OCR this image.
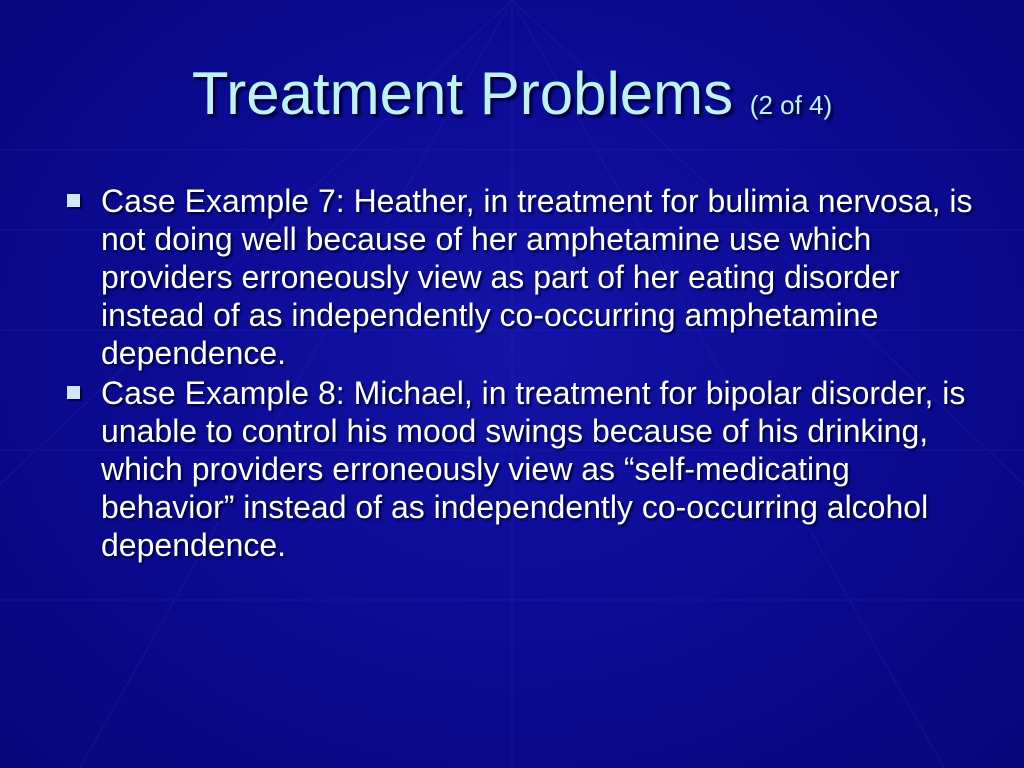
Treatment Problems (2 of 4)
Case Example 7: Heather, in treatment for bulimia nervosa, is not doing well because of her amphetamine use which providers erroneously view as part of her eating disorder instead of as independently co-occurring amphetamine dependence.
Case Example 8: Michael, in treatment for bipolar disorder, is unable to control his mood swings because of his drinking, which providers erroneously view as “self-medicating behavior” instead of as independently co-occurring alcohol dependence.
